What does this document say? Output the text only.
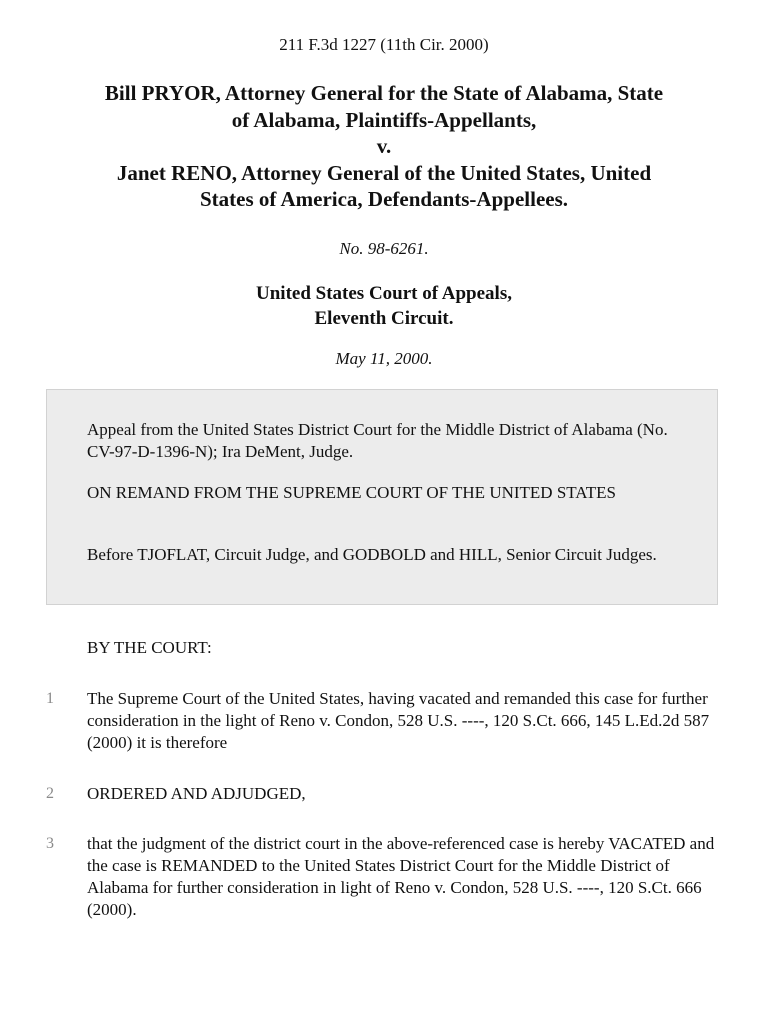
211 F.3d 1227 (11th Cir. 2000)
Bill PRYOR, Attorney General for the State of Alabama, State
of Alabama, Plaintiffs-Appellants,
v.
Janet RENO, Attorney General of the United States, United
States of America, Defendants-Appellees.
No. 98-6261.
United States Court of Appeals,
Eleventh Circuit.
May 11, 2000.

Appeal from the United States District Court for the Middle District of Alabama (No. CV-97-D-1396-N); Ira DeMent, Judge.

ON REMAND FROM THE SUPREME COURT OF THE UNITED STATES

Before TJOFLAT, Circuit Judge, and GODBOLD and HILL, Senior Circuit Judges.

BY THE COURT:
1 The Supreme Court of the United States, having vacated and remanded this case for further consideration in the light of Reno v. Condon, 528 U.S. ----, 120 S.Ct. 666, 145 L.Ed.2d 587 (2000) it is therefore
2 ORDERED AND ADJUDGED,
3 that the judgment of the district court in the above-referenced case is hereby VACATED and the case is REMANDED to the United States District Court for the Middle District of Alabama for further consideration in light of Reno v. Condon, 528 U.S. ----, 120 S.Ct. 666 (2000).
